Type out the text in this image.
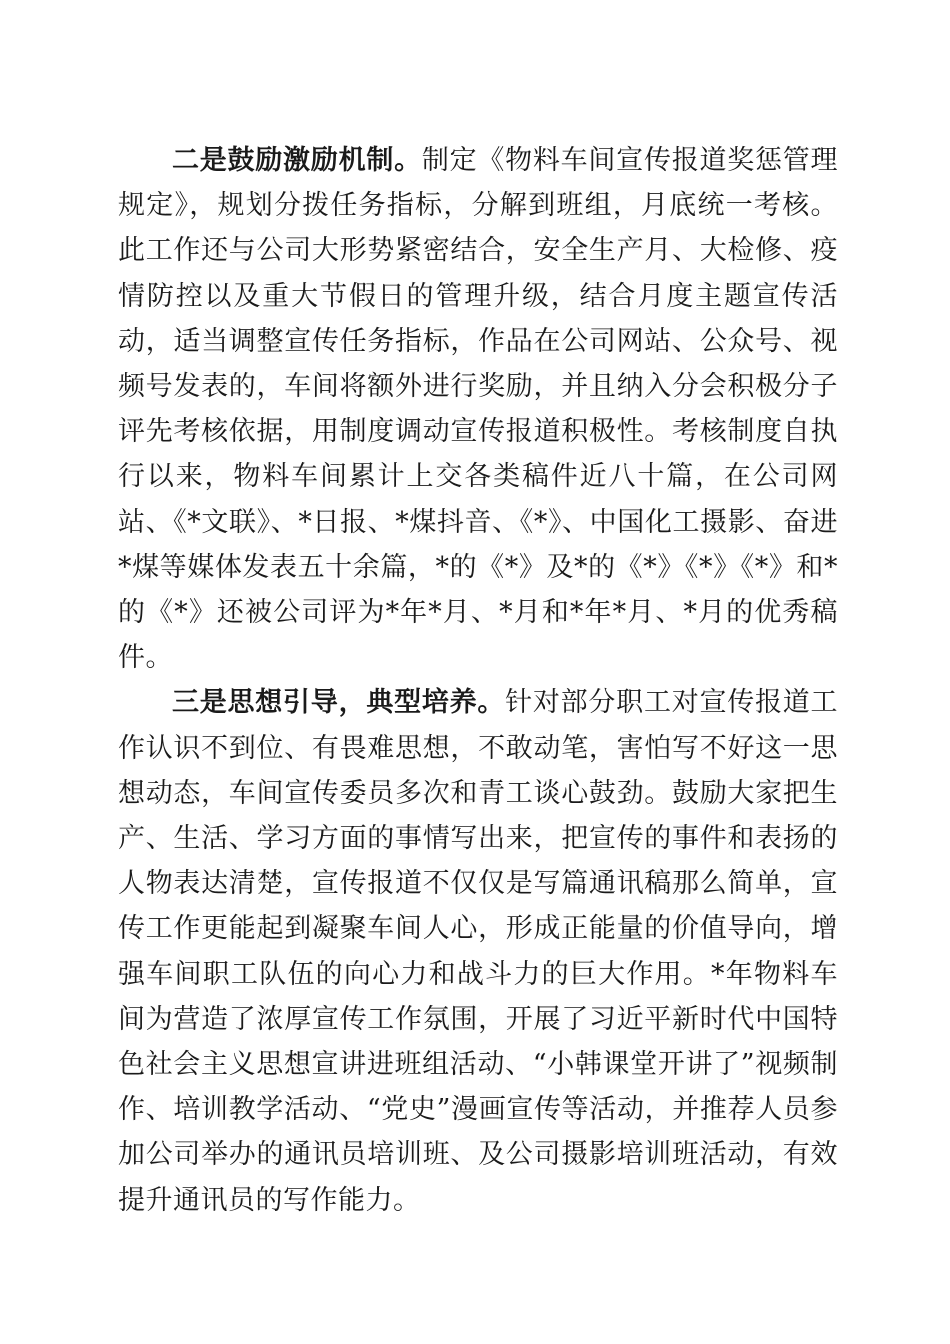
二是鼓励激励机制。制定《物料车间宣传报道奖惩管理规定》，规划分拨任务指标，分解到班组，月底统一考核。此工作还与公司大形势紧密结合，安全生产月、大检修、疫情防控以及重大节假日的管理升级，结合月度主题宣传活动，适当调整宣传任务指标，作品在公司网站、公众号、视频号发表的，车间将额外进行奖励，并且纳入分会积极分子评先考核依据，用制度调动宣传报道积极性。考核制度自执行以来，物料车间累计上交各类稿件近八十篇，在公司网站、《*文联》、*日报、*煤抖音、《*》、中国化工摄影、奋进*煤等媒体发表五十余篇，*的《*》及*的《*》《*》《*》和*的《*》还被公司评为*年*月、*月和*年*月、*月的优秀稿件。

三是思想引导，典型培养。针对部分职工对宣传报道工作认识不到位、有畏难思想，不敢动笔，害怕写不好这一思想动态，车间宣传委员多次和青工谈心鼓劲。鼓励大家把生产、生活、学习方面的事情写出来，把宣传的事件和表扬的人物表达清楚，宣传报道不仅仅是写篇通讯稿那么简单，宣传工作更能起到凝聚车间人心，形成正能量的价值导向，增强车间职工队伍的向心力和战斗力的巨大作用。*年物料车间为营造了浓厚宣传工作氛围，开展了习近平新时代中国特色社会主义思想宣讲进班组活动、“小韩课堂开讲了”视频制作、培训教学活动、“党史”漫画宣传等活动，并推荐人员参加公司举办的通讯员培训班、及公司摄影培训班活动，有效提升通讯员的写作能力。
